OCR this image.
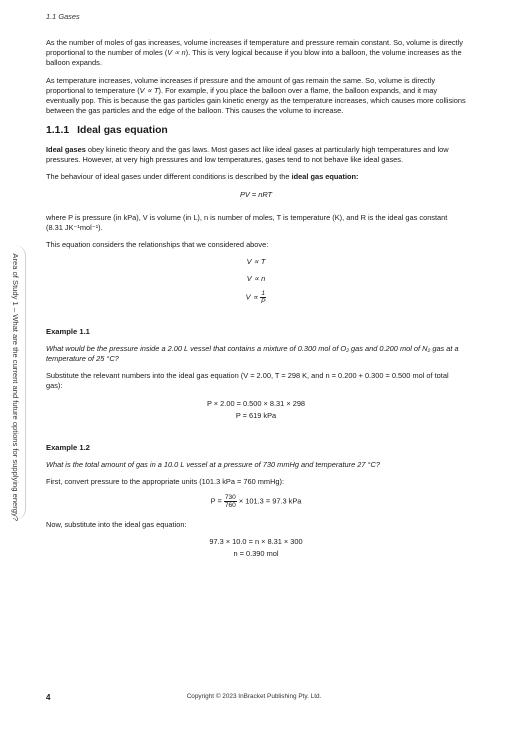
1.1 Gases
Area of Study 1 – What are the current and future options for supplying energy?

As the number of moles of gas increases, volume increases if temperature and pressure remain constant. So, volume is directly proportional to the number of moles (V ∝ n). This is very logical because if you blow into a balloon, the volume increases as the balloon expands.

As temperature increases, volume increases if pressure and the amount of gas remain the same. So, volume is directly proportional to temperature (V ∝ T). For example, if you place the balloon over a flame, the balloon expands, and it may eventually pop. This is because the gas particles gain kinetic energy as the temperature increases, which causes more collisions between the gas particles and the edge of the balloon. This causes the volume to increase.

1.1.1 Ideal gas equation

Ideal gases obey kinetic theory and the gas laws. Most gases act like ideal gases at particularly high temperatures and low pressures. However, at very high pressures and low temperatures, gases tend to not behave like ideal gases.

The behaviour of ideal gases under different conditions is described by the ideal gas equation:

PV = nRT

where P is pressure (in kPa), V is volume (in L), n is number of moles, T is temperature (K), and R is the ideal gas constant (8.31 JK⁻¹mol⁻¹).

This equation considers the relationships that we considered above:

V ∝ T
V ∝ n
$V \propto \frac{1}{P}$
Example 1.1

What would be the pressure inside a 2.00 L vessel that contains a mixture of 0.300 mol of O₂ gas and 0.200 mol of N₂ gas at a temperature of 25 °C?

Substitute the relevant numbers into the ideal gas equation (V = 2.00, T = 298 K, and n = 0.200 + 0.300 = 0.500 mol of total gas):

P × 2.00 = 0.500 × 8.31 × 298
P = 619 kPa
Example 1.2

What is the total amount of gas in a 10.0 L vessel at a pressure of 730 mmHg and temperature 27 °C?

First, convert pressure to the appropriate units (101.3 kPa = 760 mmHg):

$P = \frac{730}{760} \times 101.3 = 97.3$ kPa

Now, substitute into the ideal gas equation:

97.3 × 10.0 = n × 8.31 × 300
n = 0.390 mol
4	Copyright © 2023 InBracket Publishing Pty. Ltd.
